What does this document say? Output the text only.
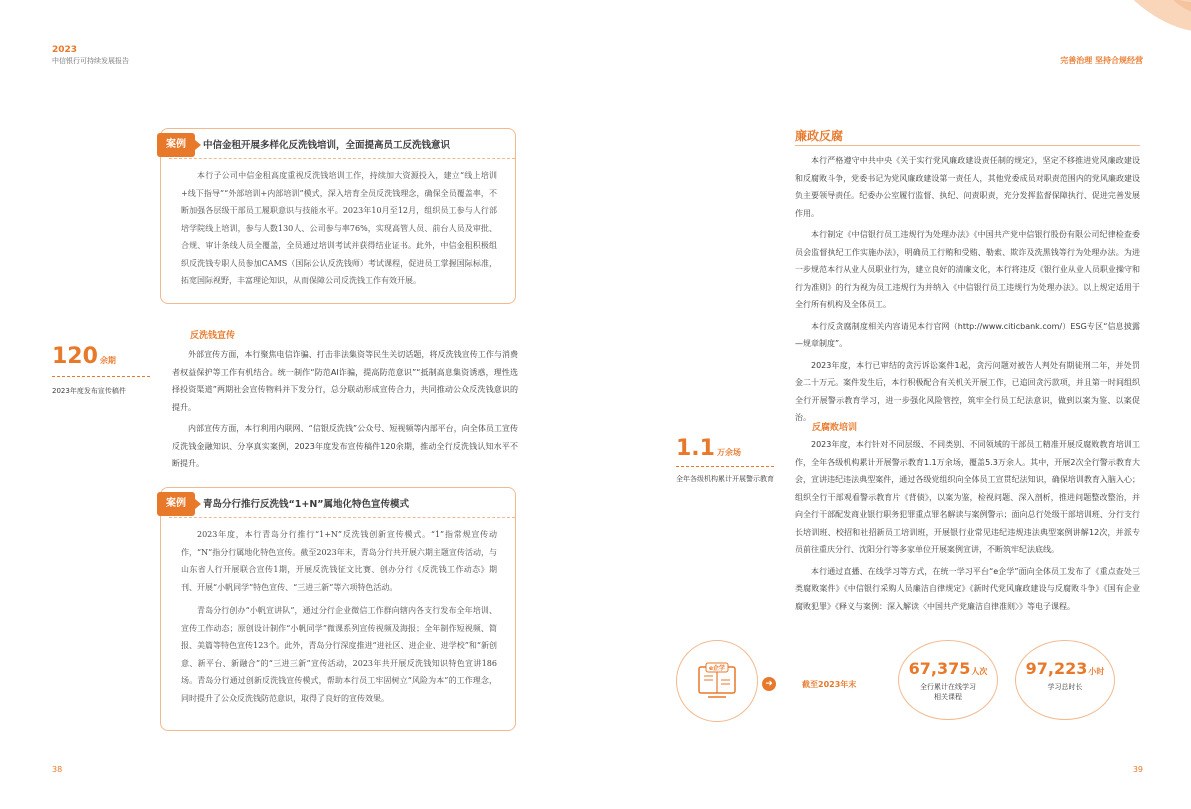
2023
中信银行可持续发展报告	完善治理 坚持合规经营
案例	中信金租开展多样化反洗钱培训，全面提高员工反洗钱意识

本行子公司中信金租高度重视反洗钱培训工作，持续加大资源投入，建立“线上培训+线下指导”“外部培训+内部培训”模式，深入培育全员反洗钱理念，确保全员覆盖率，不断加强各层级干部员工履职意识与技能水平。2023年10月至12月，组织员工参与人行部培学院线上培训，参与人数130人、公司参与率76%，实现高管人员、前台人员及审批、合规、审计条线人员全覆盖，全员通过培训考试并获得结业证书。此外，中信金租积极组织反洗钱专职人员参加CAMS（国际公认反洗钱师）考试课程，促进员工掌握国际标准，拓宽国际视野，丰富理论知识，从而保障公司反洗钱工作有效开展。

反洗钱宣传
120 余期
2023年度发布宣传稿件

外部宣传方面，本行聚焦电信诈骗、打击非法集资等民生关切话题，将反洗钱宣传工作与消费者权益保护等工作有机结合。统一制作“防范AI诈骗，提高防范意识”“抵制高息集资诱惑，理性选择投资渠道”两期社会宣传物料并下发分行，总分联动形成宣传合力，共同推动公众反洗钱意识的提升。

内部宣传方面，本行利用内联网、“信银反洗钱”公众号、短视频等内部平台，向全体员工宣传反洗钱金融知识、分享真实案例，2023年度发布宣传稿件120余期，推动全行反洗钱认知水平不断提升。

案例	青岛分行推行反洗钱“1+N”属地化特色宣传模式

2023年度，本行青岛分行推行“1+N”反洗钱创新宣传模式。“1”指常规宣传动作，“N”指分行属地化特色宣传。截至2023年末，青岛分行共开展六期主题宣传活动，与山东省人行开展联合宣传1期，开展反洗钱征文比赛、创办分行《反洗钱工作动态》期刊、开展“小帆同学”特色宣传、“三进三新”等六项特色活动。

青岛分行创办“小帆宣讲队”，通过分行企业微信工作群向辖内各支行发布全年培训、宣传工作动态；原创设计制作“小帆同学”微课系列宣传视频及海报；全年制作短视频、简报、美篇等特色宣传123个。此外，青岛分行深度推进“进社区、进企业、进学校”和“新创意、新平台、新融合”的“三进三新”宣传活动，2023年共开展反洗钱知识特色宣讲186场。青岛分行通过创新反洗钱宣传模式，帮助本行员工牢固树立“风险为本”的工作理念，同时提升了公众反洗钱防范意识，取得了良好的宣传效果。

廉政反腐

本行严格遵守中共中央《关于实行党风廉政建设责任制的规定》，坚定不移推进党风廉政建设和反腐败斗争，党委书记为党风廉政建设第一责任人，其他党委成员对职责范围内的党风廉政建设负主要领导责任。纪委办公室履行监督、执纪、问责职责，充分发挥监督保障执行、促进完善发展作用。

本行制定《中信银行员工违规行为处理办法》《中国共产党中信银行股份有限公司纪律检查委员会监督执纪工作实施办法》，明确员工行贿和受贿、勒索、欺诈及洗黑钱等行为处理办法。为进一步规范本行从业人员职业行为，建立良好的清廉文化，本行将违反《银行业从业人员职业操守和行为准则》的行为视为员工违规行为并纳入《中信银行员工违规行为处理办法》。以上规定适用于全行所有机构及全体员工。

本行反贪腐制度相关内容请见本行官网（http://www.citicbank.com/）ESG专区“信息披露—规章制度”。

2023年度，本行已审结的贪污诉讼案件1起，贪污问题对被告人判处有期徒刑二年，并处罚金二十万元。案件发生后，本行积极配合有关机关开展工作，已追回贪污款项，并且第一时间组织全行开展警示教育学习，进一步强化风险管控，筑牢全行员工纪法意识，做到以案为鉴、以案促治。

反腐败培训

2023年度，本行针对不同层级、不同类别、不同领域的干部员工精准开展反腐败教育培训工作，全年各级机构累计开展警示教育1.1万余场，覆盖5.3万余人。其中，开展2次全行警示教育大会，宣讲违纪违法典型案件，通过各级党组织向全体员工宣贯纪法知识，确保培训教育入脑入心；组织全行干部观看警示教育片《背债》，以案为鉴，检视问题、深入剖析，推进问题整改整治，并向全行干部配发商业银行职务犯罪重点罪名解读与案例警示；面向总行处级干部培训班、分行支行长培训班、校招和社招新员工培训班，开展银行业常见违纪违规违法典型案例讲解12次，并派专员前往重庆分行、沈阳分行等多家单位开展案例宣讲，不断筑牢纪法底线。

本行通过直播、在线学习等方式，在统一学习平台“e企学”面向全体员工发布了《重点查处三类腐败案件》《中信银行采购人员廉洁自律规定》《新时代党风廉政建设与反腐败斗争》《国有企业腐败犯罪》《释义与案例：深入解读〈中国共产党廉洁自律准则〉》等电子课程。

1.1 万余场
全年各级机构累计开展警示教育
e企学
➜	截至2023年末
67,375人次
全行累计在线学习相关课程
97,223小时
学习总时长
38	39
